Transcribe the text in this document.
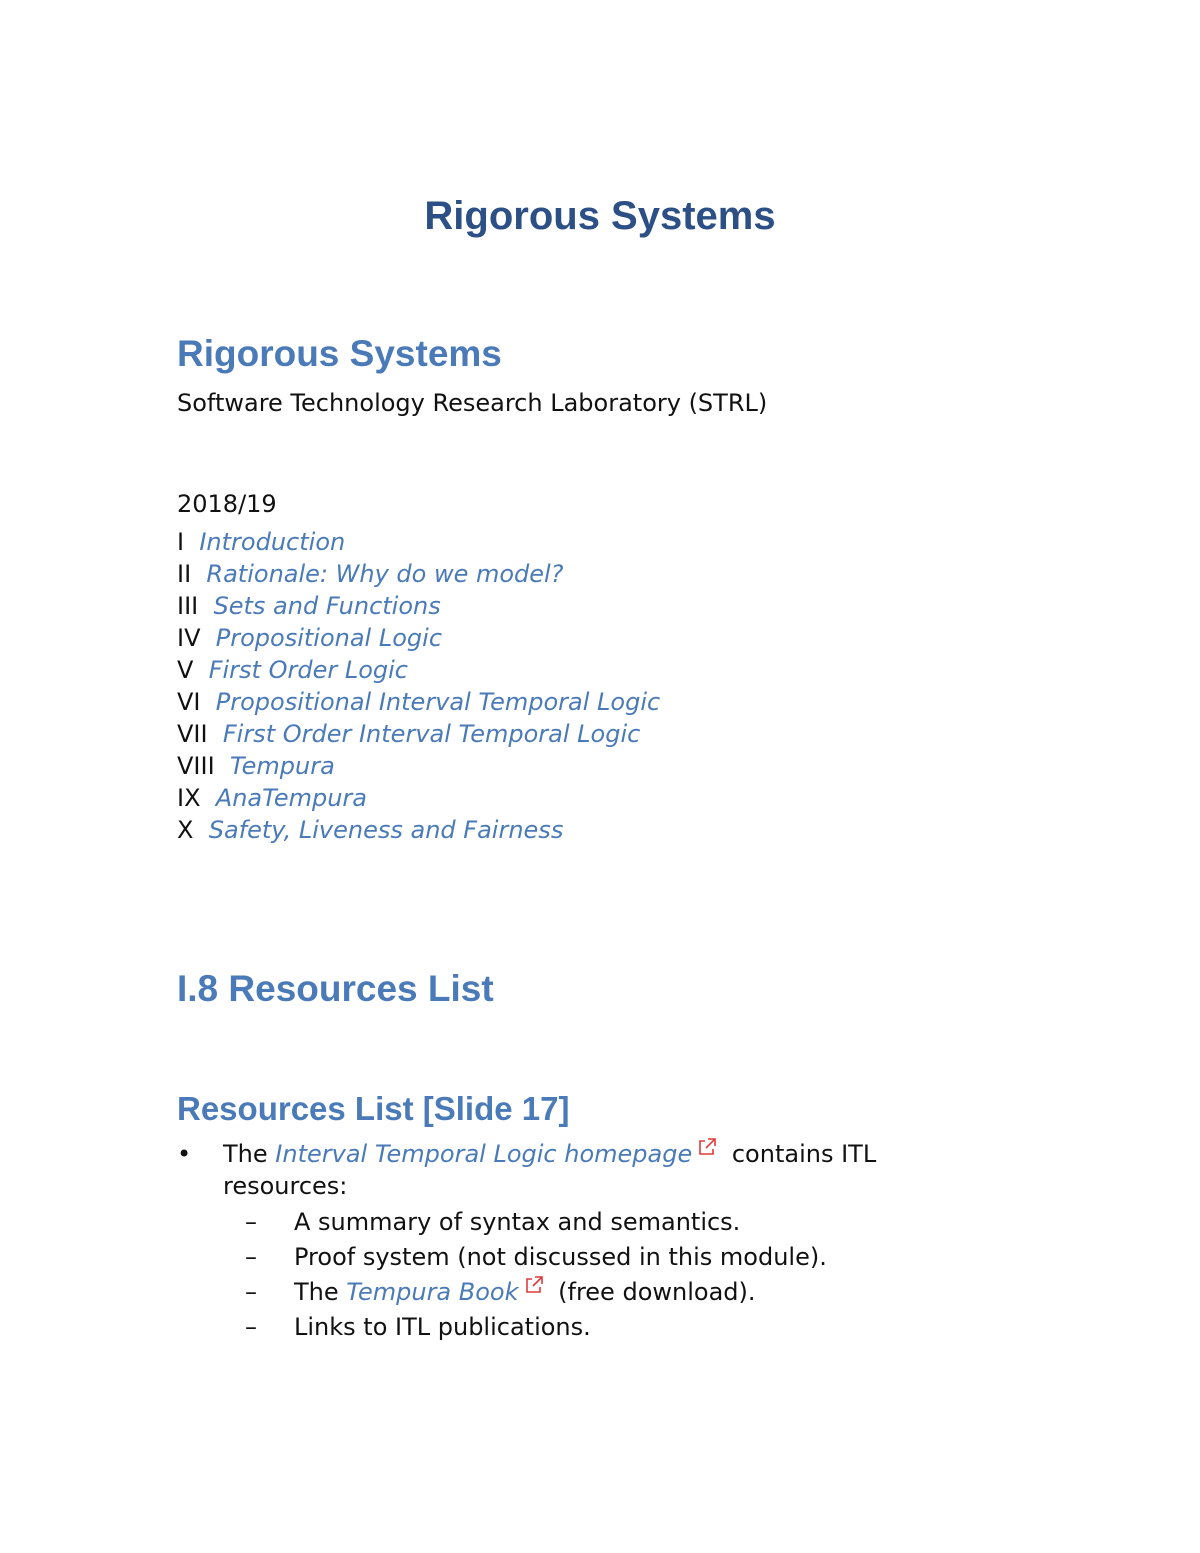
Rigorous Systems
Rigorous Systems

Software Technology Research Laboratory (STRL)

2018/19

I Introduction
II Rationale: Why do we model?
III Sets and Functions
IV Propositional Logic
V First Order Logic
VI Propositional Interval Temporal Logic
VII First Order Interval Temporal Logic
VIII Tempura
IX AnaTempura
X Safety, Liveness and Fairness
I.8 Resources List
Resources List [Slide 17]
• The Interval Temporal Logic homepage contains ITL
resources:
– A summary of syntax and semantics.
– Proof system (not discussed in this module).
– The Tempura Book (free download).
– Links to ITL publications.
